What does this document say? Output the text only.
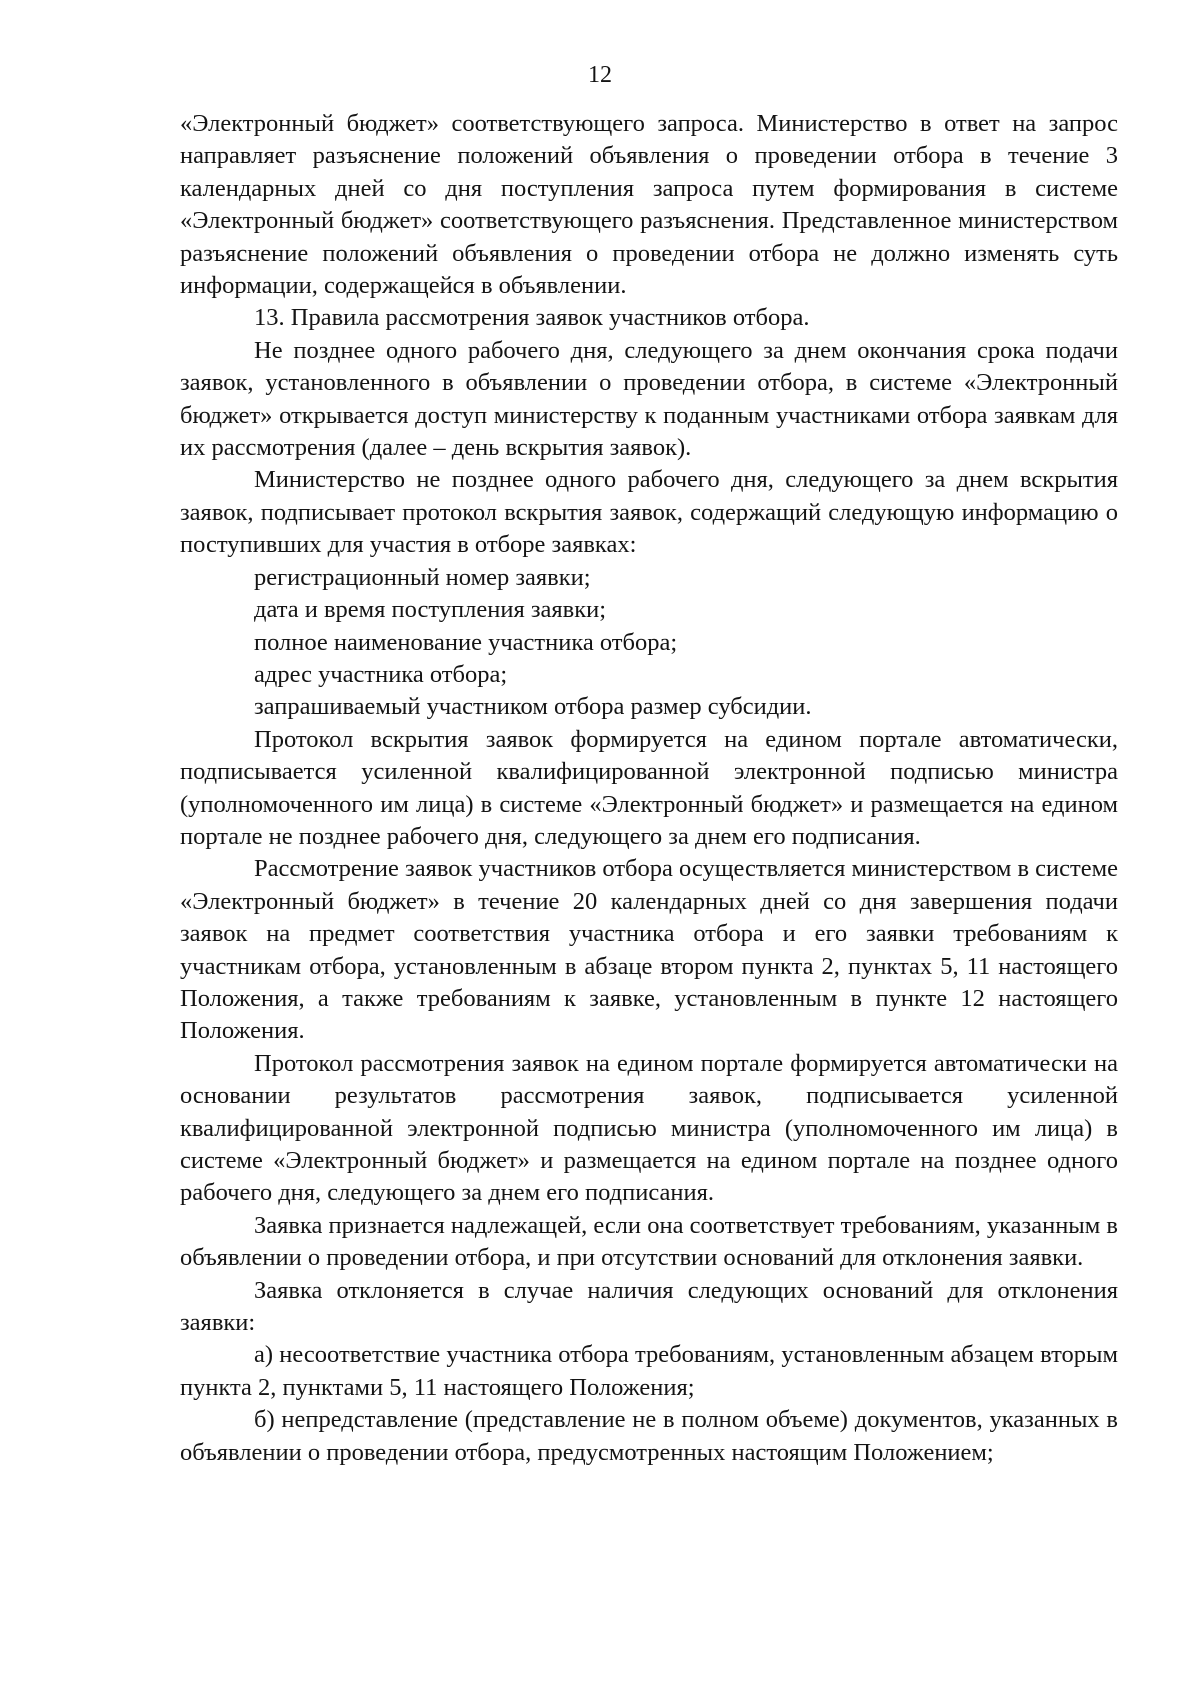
12

«Электронный бюджет» соответствующего запроса. Министерство в ответ на запрос направляет разъяснение положений объявления о проведении отбора в течение 3 календарных дней со дня поступления запроса путем формирования в системе «Электронный бюджет» соответствующего разъяснения. Представленное министерством разъяснение положений объявления о проведении отбора не должно изменять суть информации, содержащейся в объявлении.

13. Правила рассмотрения заявок участников отбора.

Не позднее одного рабочего дня, следующего за днем окончания срока подачи заявок, установленного в объявлении о проведении отбора, в системе «Электронный бюджет» открывается доступ министерству к поданным участниками отбора заявкам для их рассмотрения (далее – день вскрытия заявок).

Министерство не позднее одного рабочего дня, следующего за днем вскрытия заявок, подписывает протокол вскрытия заявок, содержащий следующую информацию о поступивших для участия в отборе заявках:

регистрационный номер заявки;

дата и время поступления заявки;

полное наименование участника отбора;

адрес участника отбора;

запрашиваемый участником отбора размер субсидии.

Протокол вскрытия заявок формируется на едином портале автоматически, подписывается усиленной квалифицированной электронной подписью министра (уполномоченного им лица) в системе «Электронный бюджет» и размещается на едином портале не позднее рабочего дня, следующего за днем его подписания.

Рассмотрение заявок участников отбора осуществляется министерством в системе «Электронный бюджет» в течение 20 календарных дней со дня завершения подачи заявок на предмет соответствия участника отбора и его заявки требованиям к участникам отбора, установленным в абзаце втором пункта 2, пунктах 5, 11 настоящего Положения, а также требованиям к заявке, установленным в пункте 12 настоящего Положения.

Протокол рассмотрения заявок на едином портале формируется автоматически на основании результатов рассмотрения заявок, подписывается усиленной квалифицированной электронной подписью министра (уполномоченного им лица) в системе «Электронный бюджет» и размещается на едином портале на позднее одного рабочего дня, следующего за днем его подписания.

Заявка признается надлежащей, если она соответствует требованиям, указанным в объявлении о проведении отбора, и при отсутствии оснований для отклонения заявки.

Заявка отклоняется в случае наличия следующих оснований для отклонения заявки:

а) несоответствие участника отбора требованиям, установленным абзацем вторым пункта 2, пунктами 5, 11 настоящего Положения;

б) непредставление (представление не в полном объеме) документов, указанных в объявлении о проведении отбора, предусмотренных настоящим Положением;
